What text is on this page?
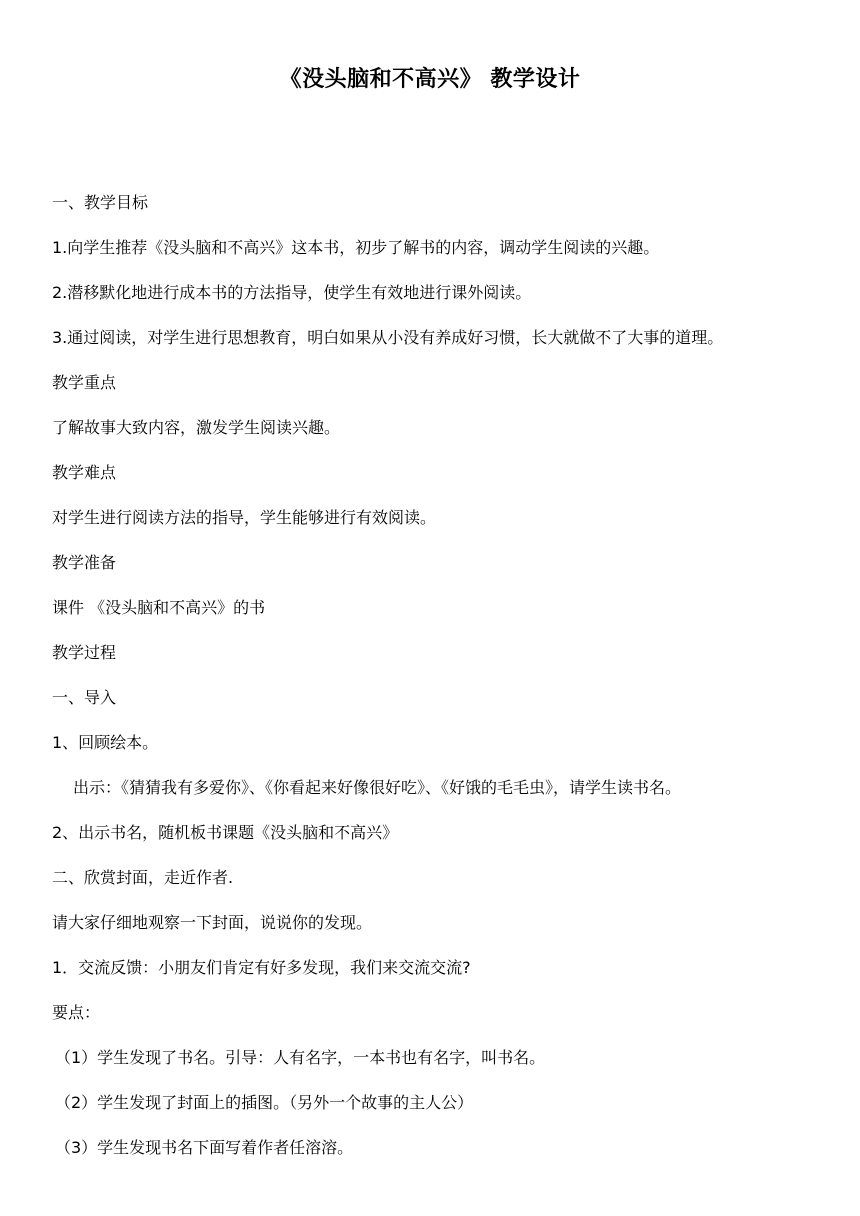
《没头脑和不高兴》 教学设计
一、教学目标
1.向学生推荐《没头脑和不高兴》这本书，初步了解书的内容，调动学生阅读的兴趣。
2.潜移默化地进行成本书的方法指导，使学生有效地进行课外阅读。
3.通过阅读，对学生进行思想教育，明白如果从小没有养成好习惯，长大就做不了大事的道理。
教学重点
了解故事大致内容，激发学生阅读兴趣。
教学难点
对学生进行阅读方法的指导，学生能够进行有效阅读。
教学准备
课件 《没头脑和不高兴》的书
教学过程
一、导入
1、回顾绘本。
出示：《猜猜我有多爱你》、《你看起来好像很好吃》、《好饿的毛毛虫》，请学生读书名。
2、出示书名，随机板书课题《没头脑和不高兴》
二、欣赏封面，走近作者.
请大家仔细地观察一下封面，说说你的发现。
1．交流反馈：小朋友们肯定有好多发现，我们来交流交流?
要点：
（1）学生发现了书名。引导：人有名字，一本书也有名字，叫书名。
（2）学生发现了封面上的插图。（另外一个故事的主人公）
（3）学生发现书名下面写着作者任溶溶。
